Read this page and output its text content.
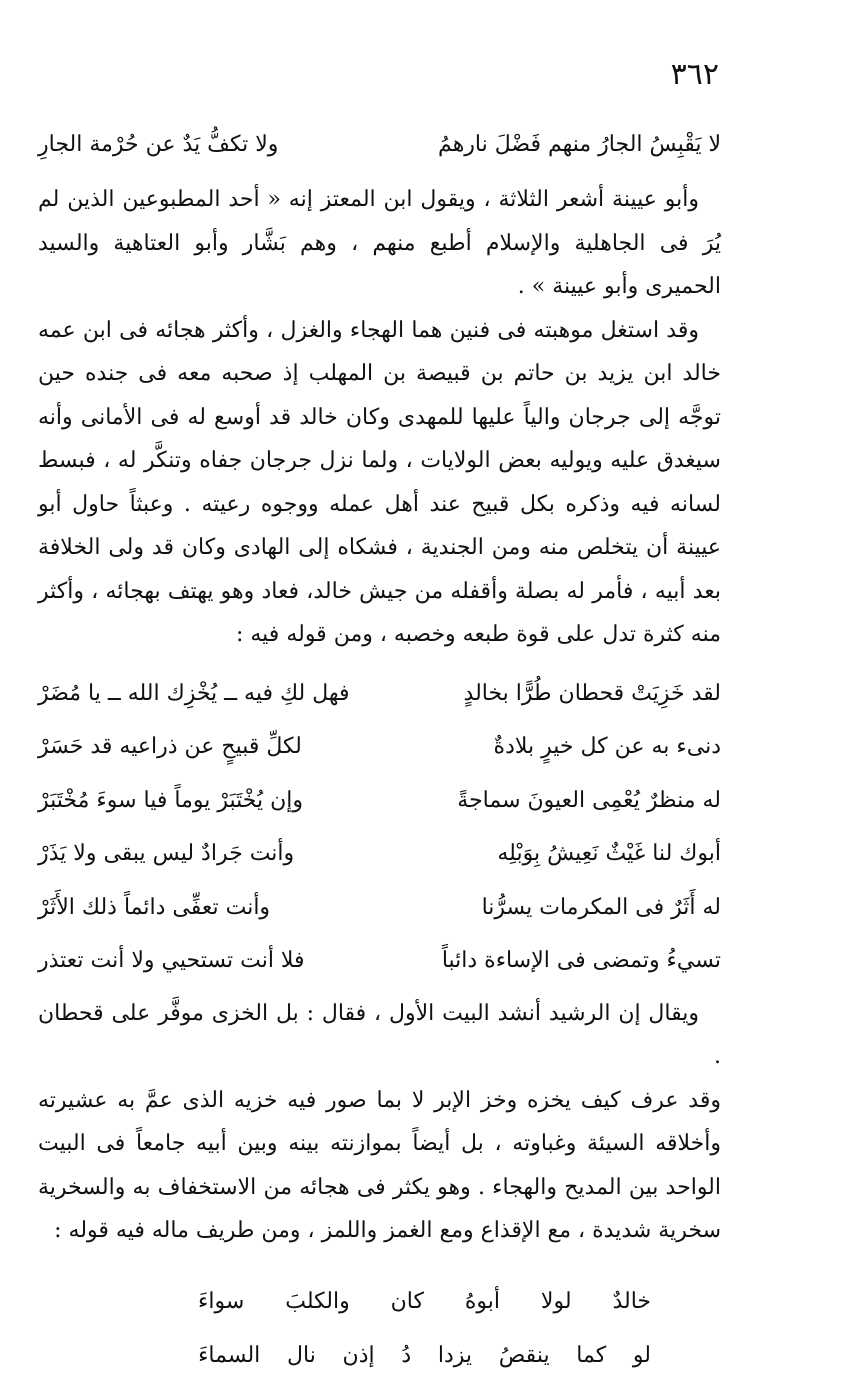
٣٦٢
لا يَقْبِسُ الجارُ منهم فَضْلَ نارهمُ
ولا تكفُّ يَدٌ عن حُرْمة الجارِ

وأبو عيينة أشعر الثلاثة ، ويقول ابن المعتز إنه « أحد المطبوعين الذين لم يُرَ فى الجاهلية والإسلام أطبع منهم ، وهم بَشَّار وأبو العتاهية والسيد الحميرى وأبو عيينة » .

وقد استغل موهبته فى فنين هما الهجاء والغزل ، وأكثر هجائه فى ابن عمه خالد ابن يزيد بن حاتم بن قبيصة بن المهلب إذ صحبه معه فى جنده حين توجَّه إلى جرجان والياً عليها للمهدى وكان خالد قد أوسع له فى الأمانى وأنه سيغدق عليه ويوليه بعض الولايات ، ولما نزل جرجان جفاه وتنكَّر له ، فبسط لسانه فيه وذكره بكل قبيح عند أهل عمله ووجوه رعيته . وعبثاً حاول أبو عيينة أن يتخلص منه ومن الجندية ، فشكاه إلى الهادى وكان قد ولى الخلافة بعد أبيه ، فأمر له بصلة وأقفله من جيش خالد، فعاد وهو يهتف بهجائه ، وأكثر منه كثرة تدل على قوة طبعه وخصبه ، ومن قوله فيه :

لقد خَزِيَتْ قحطان طُرًّا بخالدٍ
فهل لكِ فيه ــ يُخْزِك الله ــ يا مُضَرْ
دنىء به عن كل خيرٍ بلادةٌ
لكلِّ قبيحٍ عن ذراعيه قد حَسَرْ
له منظرٌ يُعْمِى العيونَ سماجةً
وإن يُخْتَبَرْ يوماً فيا سوءَ مُخْتَبَرْ
أبوك لنا غَيْثٌ نَعِيشُ بِوَبْلِه
وأنت جَرادٌ ليس يبقى ولا يَذَرْ
له أَثَرٌ فى المكرمات يسرُّنا
وأنت تعفِّى دائماً ذلك الأَثَرْ
تسيءُ وتمضى فى الإساءة دائباً
فلا أنت تستحيي ولا أنت تعتذر

ويقال إن الرشيد أنشد البيت الأول ، فقال : بل الخزى موفَّر على قحطان .

وقد عرف كيف يخزه وخز الإبر لا بما صور فيه خزيه الذى عمَّ به عشيرته وأخلاقه السيئة وغباوته ، بل أيضاً بموازنته بينه وبين أبيه جامعاً فى البيت الواحد بين المديح والهجاء . وهو يكثر فى هجائه من الاستخفاف به والسخرية سخرية شديدة ، مع الإقذاع ومع الغمز واللمز ، ومن طريف ماله فيه قوله :

خالدٌ
لولا
أبوهُ
كان
والكلبَ
سواءَ
لو
كما
ينقصُ
يزدا
دُ
إذن
نال
السماءَ
